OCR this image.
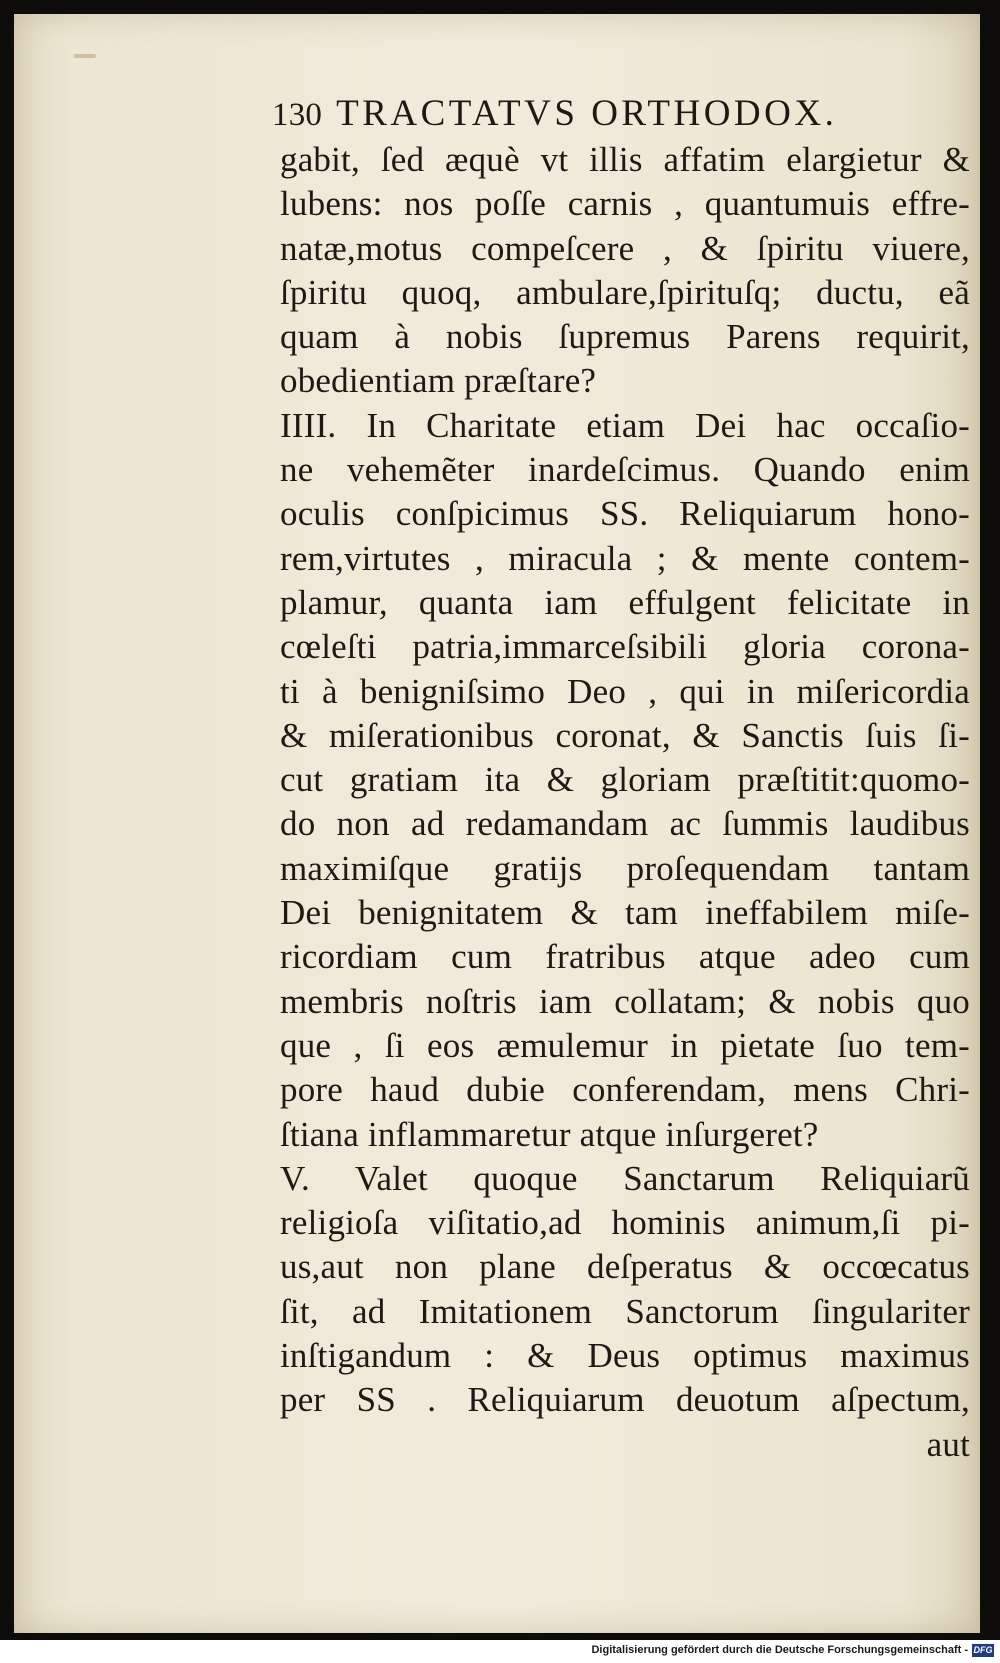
130 TRACTATVS ORTHODOX.
gabit, ſed æquè vt illis affatim elargietur &
lubens: nos poſſe carnis , quantumuis effre-
natæ,motus compeſcere , & ſpiritu viuere,
ſpiritu quoq, ambulare,ſpirituſq; ductu, eã
quam à nobis ſupremus Parens requirit,
obedientiam præſtare?
IIII. In Charitate etiam Dei hac occaſio-
ne vehemẽter inardeſcimus. Quando enim
oculis conſpicimus SS. Reliquiarum hono-
rem,virtutes , miracula ; & mente contem-
plamur, quanta iam effulgent felicitate in
cœleſti patria,immarceſsibili gloria corona-
ti à benigniſsimo Deo , qui in miſericordia
& miſerationibus coronat, & Sanctis ſuis ſi-
cut gratiam ita & gloriam præſtitit:quomo-
do non ad redamandam ac ſummis laudibus
maximiſque gratijs proſequendam tantam
Dei benignitatem & tam ineffabilem miſe-
ricordiam cum fratribus atque adeo cum
membris noſtris iam collatam; & nobis quo
que , ſi eos æmulemur in pietate ſuo tem-
pore haud dubie conferendam, mens Chri-
ſtiana inflammaretur atque inſurgeret?
V. Valet quoque Sanctarum Reliquiarũ
religioſa viſitatio,ad hominis animum,ſi pi-
us,aut non plane deſperatus & occœcatus
ſit, ad Imitationem Sanctorum ſingulariter
inſtigandum : & Deus optimus maximus
per SS . Reliquiarum deuotum aſpectum,
aut
Digitalisierung gefördert durch die Deutsche Forschungsgemeinschaft - DFG
